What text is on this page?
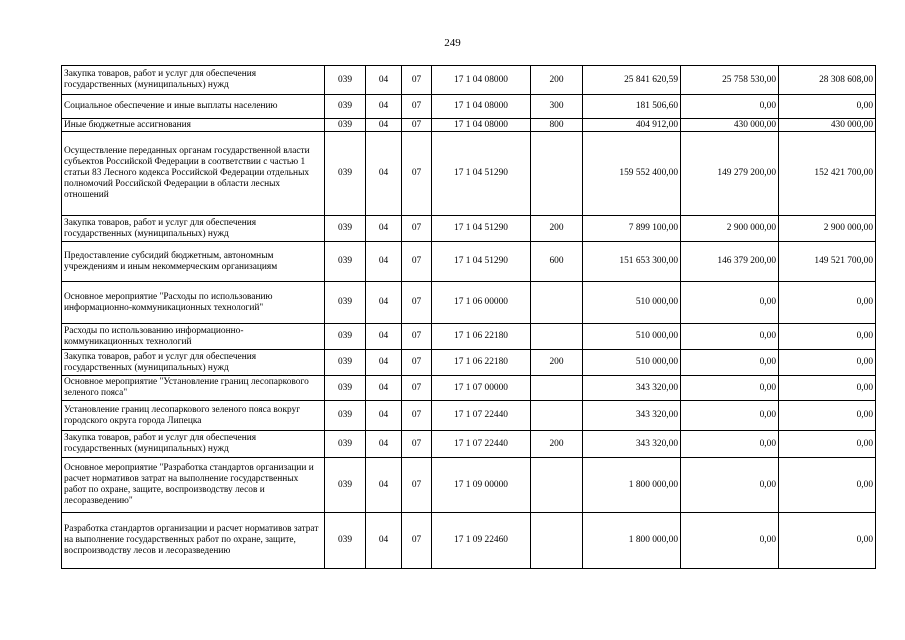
249
Закупка товаров, работ и услуг для обеспечения государственных (муниципальных) нужд	039	04	07	17 1 04 08000	200	25 841 620,59	25 758 530,00	28 308 608,00
Социальное обеспечение и иные выплаты населению	039	04	07	17 1 04 08000	300	181 506,60	0,00	0,00
Иные бюджетные ассигнования	039	04	07	17 1 04 08000	800	404 912,00	430 000,00	430 000,00
Осуществление переданных органам государственной власти субъектов Российской Федерации в соответствии с частью 1 статьи 83 Лесного кодекса Российской Федерации отдельных полномочий Российской Федерации в области лесных отношений	039	04	07	17 1 04 51290		159 552 400,00	149 279 200,00	152 421 700,00
Закупка товаров, работ и услуг для обеспечения государственных (муниципальных) нужд	039	04	07	17 1 04 51290	200	7 899 100,00	2 900 000,00	2 900 000,00
Предоставление субсидий бюджетным, автономным учреждениям и иным некоммерческим организациям	039	04	07	17 1 04 51290	600	151 653 300,00	146 379 200,00	149 521 700,00
Основное мероприятие "Расходы по использованию информационно-коммуникационных технологий"	039	04	07	17 1 06 00000		510 000,00	0,00	0,00
Расходы по использованию информационно-коммуникационных технологий	039	04	07	17 1 06 22180		510 000,00	0,00	0,00
Закупка товаров, работ и услуг для обеспечения государственных (муниципальных) нужд	039	04	07	17 1 06 22180	200	510 000,00	0,00	0,00
Основное мероприятие "Установление границ лесопаркового зеленого пояса"	039	04	07	17 1 07 00000		343 320,00	0,00	0,00
Установление границ лесопаркового зеленого пояса вокруг городского округа города Липецка	039	04	07	17 1 07 22440		343 320,00	0,00	0,00
Закупка товаров, работ и услуг для обеспечения государственных (муниципальных) нужд	039	04	07	17 1 07 22440	200	343 320,00	0,00	0,00
Основное мероприятие "Разработка стандартов организации и расчет нормативов затрат на выполнение государственных работ по охране, защите, воспроизводству лесов и лесоразведению"	039	04	07	17 1 09 00000		1 800 000,00	0,00	0,00
Разработка стандартов организации и расчет нормативов затрат на выполнение государственных работ по охране, защите, воспроизводству лесов и лесоразведению	039	04	07	17 1 09 22460		1 800 000,00	0,00	0,00
